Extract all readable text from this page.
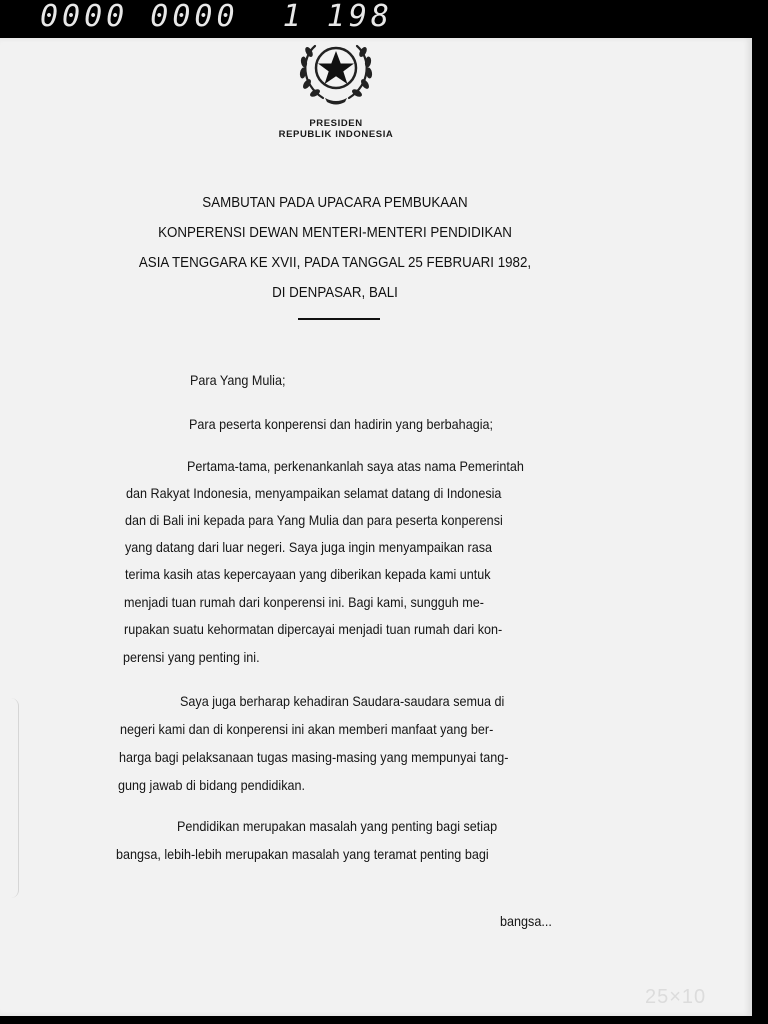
0000 0000  1 198
PRESIDEN
REPUBLIK INDONESIA
SAMBUTAN PADA UPACARA PEMBUKAAN
KONPERENSI DEWAN MENTERI-MENTERI PENDIDIKAN
ASIA TENGGARA KE XVII, PADA TANGGAL 25 FEBRUARI 1982,
DI DENPASAR, BALI
Para Yang Mulia;
Para peserta konperensi dan hadirin yang berbahagia;
Pertama-tama, perkenankanlah saya atas nama Pemerintah
dan Rakyat Indonesia, menyampaikan selamat datang di Indonesia
dan di Bali ini kepada para Yang Mulia dan para peserta konperensi
yang datang dari luar negeri. Saya juga ingin menyampaikan rasa
terima kasih atas kepercayaan yang diberikan kepada kami untuk
menjadi tuan rumah dari konperensi ini. Bagi kami, sungguh me-
rupakan suatu kehormatan dipercayai menjadi tuan rumah dari kon-
perensi yang penting ini.
Saya juga berharap kehadiran Saudara-saudara semua di
negeri kami dan di konperensi ini akan memberi manfaat yang ber-
harga bagi pelaksanaan tugas masing-masing yang mempunyai tang-
gung jawab di bidang pendidikan.
Pendidikan merupakan masalah yang penting bagi setiap
bangsa, lebih-lebih merupakan masalah yang teramat penting bagi
bangsa...
25×10
